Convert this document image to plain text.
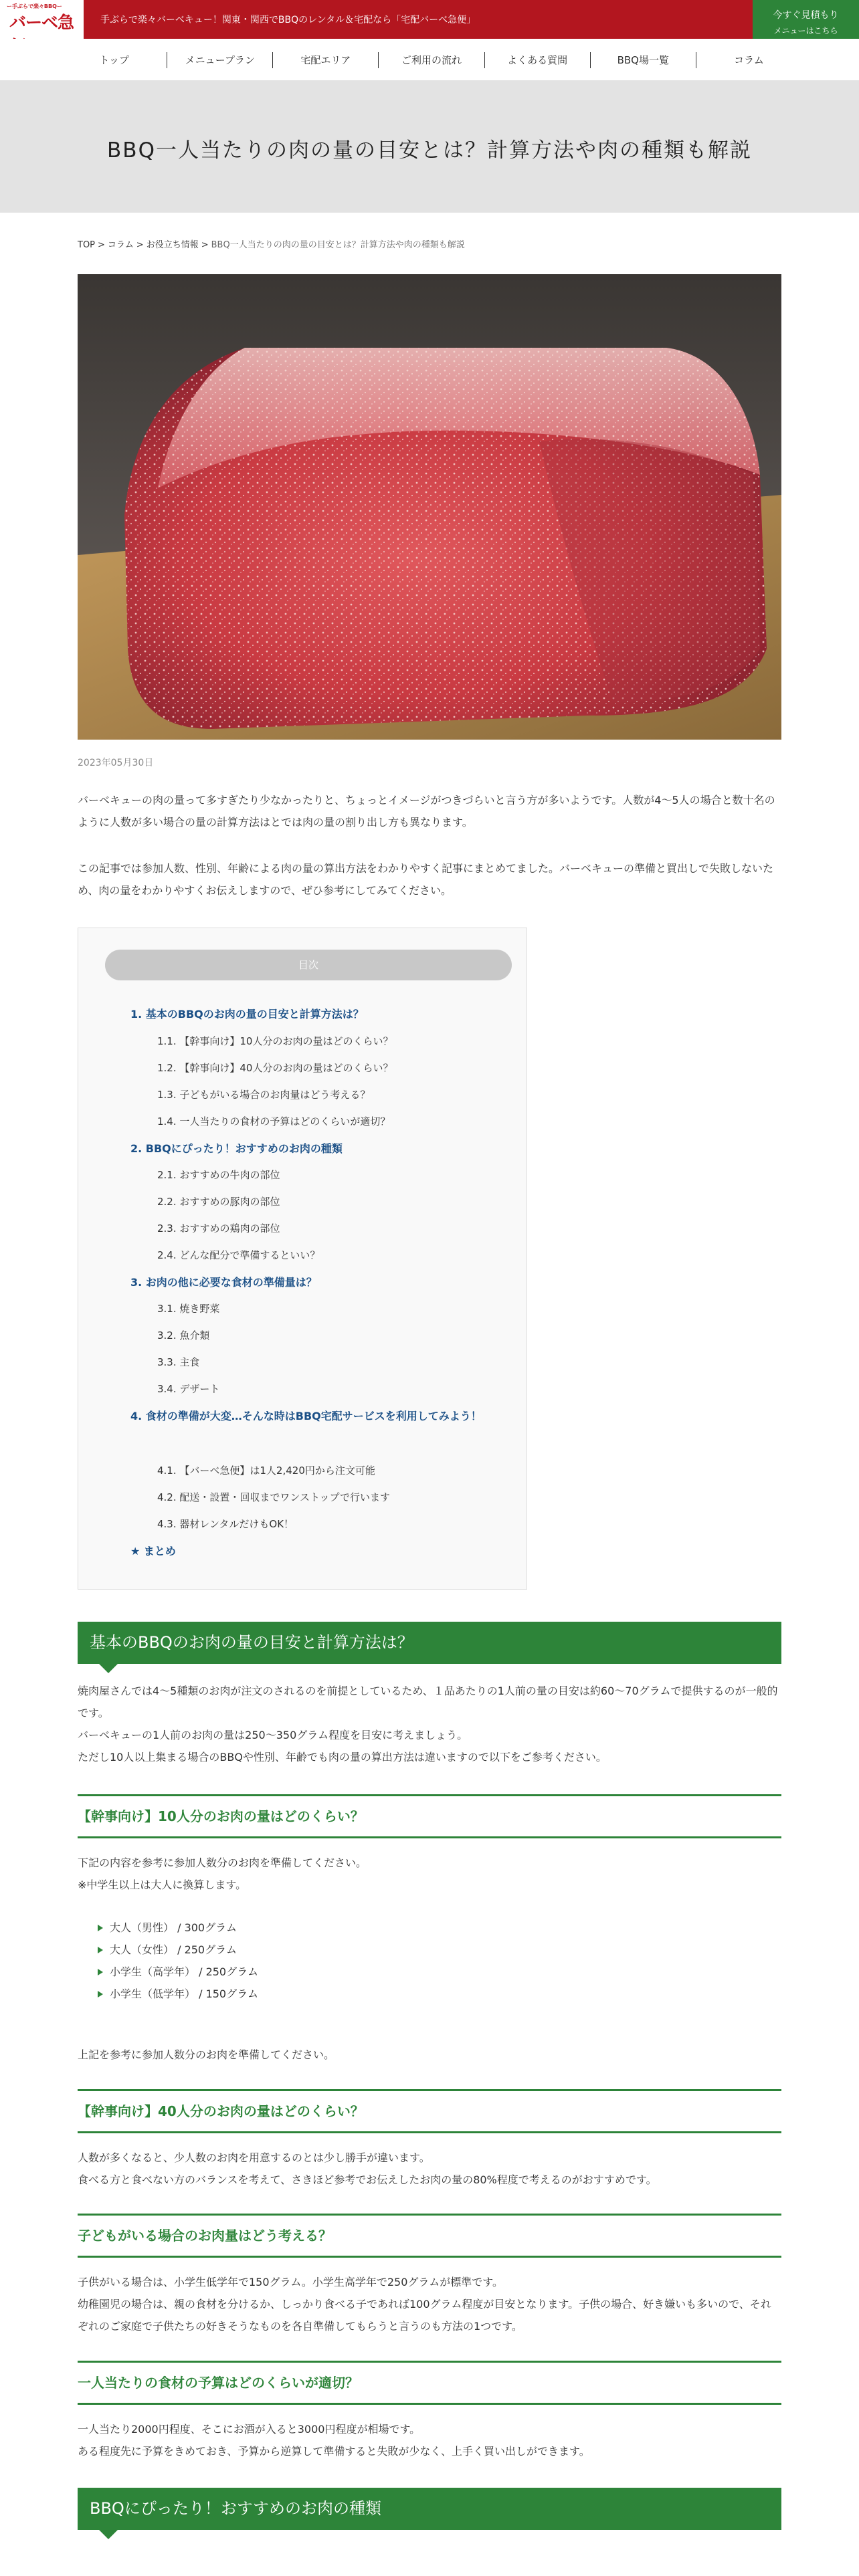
ー手ぶらで楽々BBQー
バーベ急	手ぶらで楽々バーベキュー！関東・関西でBBQのレンタル＆宅配なら「宅配バーベ急便」	今すぐ見積もり
メニューはこちら
トップ	メニュープラン	宅配エリア	ご利用の流れ	よくある質問	BBQ場一覧	コラム
BBQ一人当たりの肉の量の目安とは？計算方法や肉の種類も解説
TOP > コラム > お役立ち情報 > BBQ一人当たりの肉の量の目安とは？計算方法や肉の種類も解説
2023年05月30日

バーベキューの肉の量って多すぎたり少なかったりと、ちょっとイメージがつきづらいと言う方が多いようです。人数が4〜5人の場合と数十名のように人数が多い場合の量の計算方法はとでは肉の量の割り出し方も異なります。

この記事では参加人数、性別、年齢による肉の量の算出方法をわかりやすく記事にまとめてました。バーベキューの準備と買出しで失敗しないため、肉の量をわかりやすくお伝えしますので、ぜひ参考にしてみてください。

目次
1. 基本のBBQのお肉の量の目安と計算方法は？
1.1. 【幹事向け】10人分のお肉の量はどのくらい？
1.2. 【幹事向け】40人分のお肉の量はどのくらい？
1.3. 子どもがいる場合のお肉量はどう考える？
1.4. 一人当たりの食材の予算はどのくらいが適切？
2. BBQにぴったり！おすすめのお肉の種類
2.1. おすすめの牛肉の部位
2.2. おすすめの豚肉の部位
2.3. おすすめの鶏肉の部位
2.4. どんな配分で準備するといい？
3. お肉の他に必要な食材の準備量は？
3.1. 焼き野菜
3.2. 魚介類
3.3. 主食
3.4. デザート
4. 食材の準備が大変…そんな時はBBQ宅配サービスを利用してみよう！
4.1. 【バーベ急便】は1人2,420円から注文可能
4.2. 配送・設置・回収までワンストップで行います
4.3. 器材レンタルだけもOK！
★ まとめ
基本のBBQのお肉の量の目安と計算方法は？

焼肉屋さんでは4〜5種類のお肉が注文のされるのを前提としているため、１品あたりの1人前の量の目安は約60〜70グラムで提供するのが一般的です。

バーベキューの1人前のお肉の量は250〜350グラム程度を目安に考えましょう。

ただし10人以上集まる場合のBBQや性別、年齢でも肉の量の算出方法は違いますので以下をご参考ください。

【幹事向け】10人分のお肉の量はどのくらい？

下記の内容を参考に参加人数分のお肉を準備してください。

※中学生以上は大人に換算します。

大人（男性） / 300グラム
大人（女性） / 250グラム
小学生（高学年） / 250グラム
小学生（低学年） / 150グラム

上記を参考に参加人数分のお肉を準備してください。

【幹事向け】40人分のお肉の量はどのくらい？

人数が多くなると、少人数のお肉を用意するのとは少し勝手が違います。

食べる方と食べない方のバランスを考えて、さきほど参考でお伝えしたお肉の量の80%程度で考えるのがおすすめです。

子どもがいる場合のお肉量はどう考える？

子供がいる場合は、小学生低学年で150グラム。小学生高学年で250グラムが標準です。

幼稚園児の場合は、親の食材を分けるか、しっかり食べる子であれば100グラム程度が目安となります。子供の場合、好き嫌いも多いので、それぞれのご家庭で子供たちの好きそうなものを各自準備してもらうと言うのも方法の1つです。

一人当たりの食材の予算はどのくらいが適切？

一人当たり2000円程度、そこにお酒が入ると3000円程度が相場です。

ある程度先に予算をきめておき、予算から逆算して準備すると失敗が少なく、上手く買い出しができます。

BBQにぴったり！おすすめのお肉の種類
